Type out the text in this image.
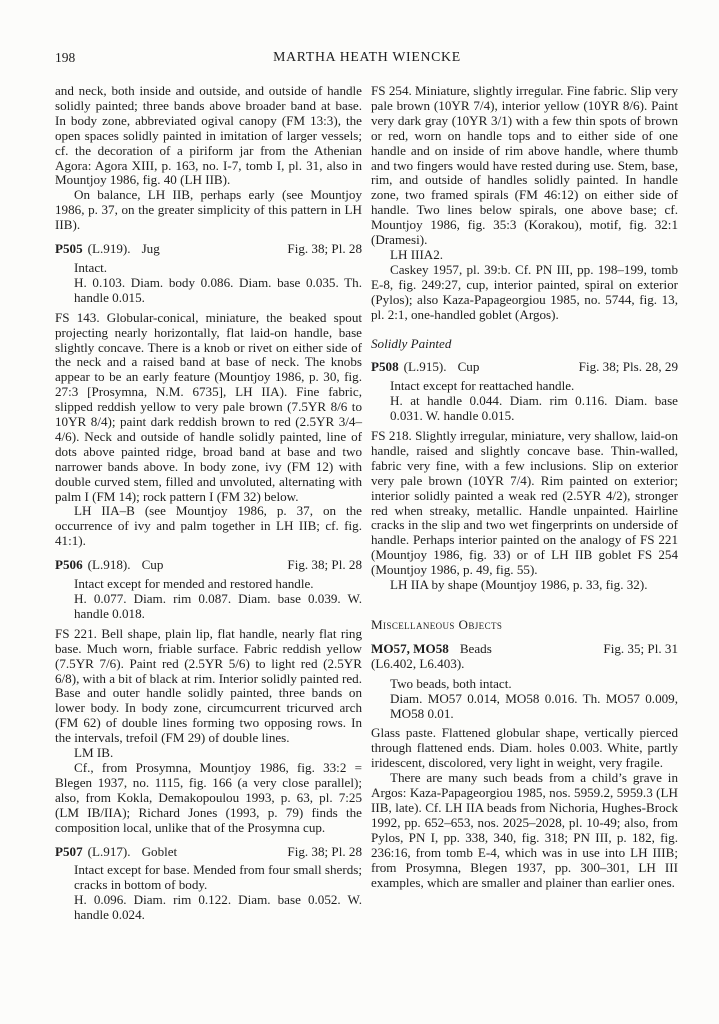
198	MARTHA HEATH WIENCKE

and neck, both inside and outside, and outside of handle solidly painted; three bands above broader band at base. In body zone, abbreviated ogival canopy (FM 13:3), the open spaces solidly painted in imitation of larger vessels; cf. the decoration of a piriform jar from the Athenian Agora: Agora XIII, p. 163, no. I-7, tomb I, pl. 31, also in Mountjoy 1986, fig. 40 (LH IIB).

On balance, LH IIB, perhaps early (see Mountjoy 1986, p. 37, on the greater simplicity of this pattern in LH IIB).

P505 (L.919). Jug	Fig. 38; Pl. 28

Intact.

H. 0.103. Diam. body 0.086. Diam. base 0.035. Th. handle 0.015.

FS 143. Globular-conical, miniature, the beaked spout projecting nearly horizontally, flat laid-on handle, base slightly concave. There is a knob or rivet on either side of the neck and a raised band at base of neck. The knobs appear to be an early feature (Mountjoy 1986, p. 30, fig. 27:3 [Prosymna, N.M. 6735], LH IIA). Fine fabric, slipped reddish yellow to very pale brown (7.5YR 8/6 to 10YR 8/4); paint dark reddish brown to red (2.5YR 3/4–4/6). Neck and outside of handle solidly painted, line of dots above painted ridge, broad band at base and two narrower bands above. In body zone, ivy (FM 12) with double curved stem, filled and unvoluted, alternating with palm I (FM 14); rock pattern I (FM 32) below.

LH IIA–B (see Mountjoy 1986, p. 37, on the occurrence of ivy and palm together in LH IIB; cf. fig. 41:1).

P506 (L.918). Cup	Fig. 38; Pl. 28

Intact except for mended and restored handle.

H. 0.077. Diam. rim 0.087. Diam. base 0.039. W. handle 0.018.

FS 221. Bell shape, plain lip, flat handle, nearly flat ring base. Much worn, friable surface. Fabric reddish yellow (7.5YR 7/6). Paint red (2.5YR 5/6) to light red (2.5YR 6/8), with a bit of black at rim. Interior solidly painted red. Base and outer handle solidly painted, three bands on lower body. In body zone, circumcurrent tricurved arch (FM 62) of double lines forming two opposing rows. In the intervals, trefoil (FM 29) of double lines.

LM IB.

Cf., from Prosymna, Mountjoy 1986, fig. 33:2 = Blegen 1937, no. 1115, fig. 166 (a very close parallel); also, from Kokla, Demakopoulou 1993, p. 63, pl. 7:25 (LM IB/IIA); Richard Jones (1993, p. 79) finds the composition local, unlike that of the Prosymna cup.

P507 (L.917). Goblet	Fig. 38; Pl. 28

Intact except for base. Mended from four small sherds; cracks in bottom of body.

H. 0.096. Diam. rim 0.122. Diam. base 0.052. W. handle 0.024.

FS 254. Miniature, slightly irregular. Fine fabric. Slip very pale brown (10YR 7/4), interior yellow (10YR 8/6). Paint very dark gray (10YR 3/1) with a few thin spots of brown or red, worn on handle tops and to either side of one handle and on inside of rim above handle, where thumb and two fingers would have rested during use. Stem, base, rim, and outside of handles solidly painted. In handle zone, two framed spirals (FM 46:12) on either side of handle. Two lines below spirals, one above base; cf. Mountjoy 1986, fig. 35:3 (Korakou), motif, fig. 32:1 (Dramesi).

LH IIIA2.

Caskey 1957, pl. 39:b. Cf. PN III, pp. 198–199, tomb E-8, fig. 249:27, cup, interior painted, spiral on exterior (Pylos); also Kaza-Papageorgiou 1985, no. 5744, fig. 13, pl. 2:1, one-handled goblet (Argos).

Solidly Painted

P508 (L.915). Cup	Fig. 38; Pls. 28, 29

Intact except for reattached handle.

H. at handle 0.044. Diam. rim 0.116. Diam. base 0.031. W. handle 0.015.

FS 218. Slightly irregular, miniature, very shallow, laid-on handle, raised and slightly concave base. Thin-walled, fabric very fine, with a few inclusions. Slip on exterior very pale brown (10YR 7/4). Rim painted on exterior; interior solidly painted a weak red (2.5YR 4/2), stronger red when streaky, metallic. Handle unpainted. Hairline cracks in the slip and two wet fingerprints on underside of handle. Perhaps interior painted on the analogy of FS 221 (Mountjoy 1986, fig. 33) or of LH IIB goblet FS 254 (Mountjoy 1986, p. 49, fig. 55).

LH IIA by shape (Mountjoy 1986, p. 33, fig. 32).

Miscellaneous Objects

MO57, MO58 Beads	Fig. 35; Pl. 31

(L6.402, L6.403).

Two beads, both intact.

Diam. MO57 0.014, MO58 0.016. Th. MO57 0.009, MO58 0.01.

Glass paste. Flattened globular shape, vertically pierced through flattened ends. Diam. holes 0.003. White, partly iridescent, discolored, very light in weight, very fragile.

There are many such beads from a child’s grave in Argos: Kaza-Papageorgiou 1985, nos. 5959.2, 5959.3 (LH IIB, late). Cf. LH IIA beads from Nichoria, Hughes-Brock 1992, pp. 652–653, nos. 2025–2028, pl. 10-49; also, from Pylos, PN I, pp. 338, 340, fig. 318; PN III, p. 182, fig. 236:16, from tomb E-4, which was in use into LH IIIB; from Prosymna, Blegen 1937, pp. 300–301, LH III examples, which are smaller and plainer than earlier ones.
